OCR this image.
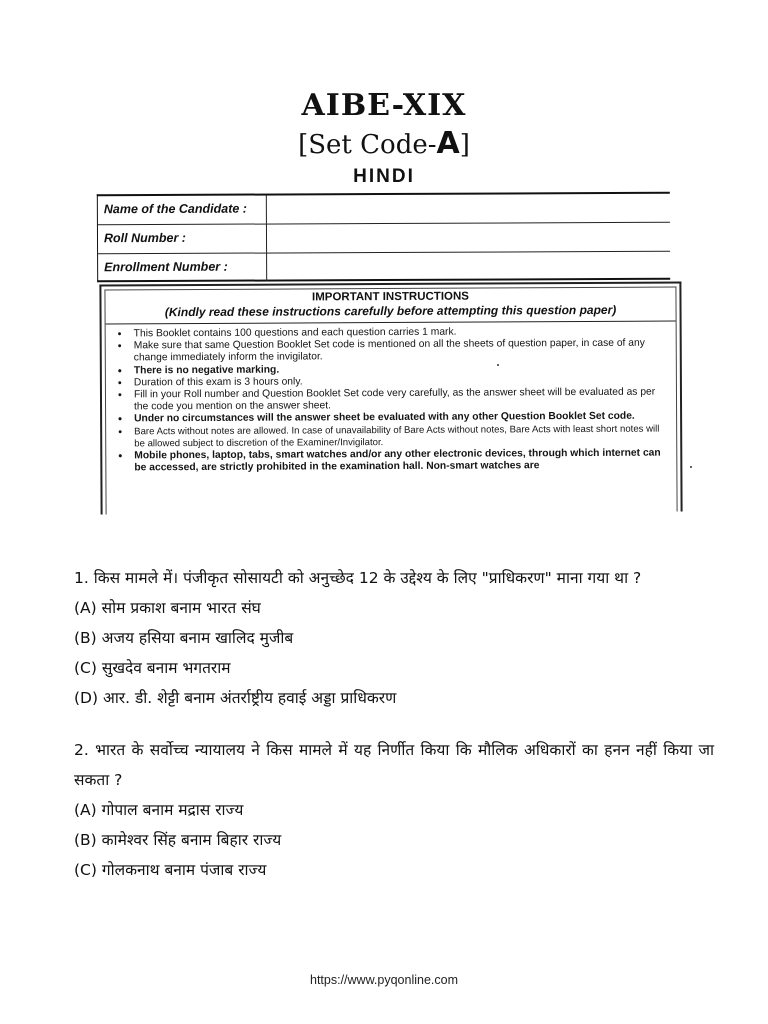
AIBE-XIX
[Set Code-A]
HINDI
Name of the Candidate :
Roll Number :
Enrollment Number :
IMPORTANT INSTRUCTIONS
(Kindly read these instructions carefully before attempting this question paper)
• This Booklet contains 100 questions and each question carries 1 mark.
• Make sure that same Question Booklet Set code is mentioned on all the sheets of question paper, in case of any change immediately inform the invigilator.
• There is no negative marking.
• Duration of this exam is 3 hours only.
• Fill in your Roll number and Question Booklet Set code very carefully, as the answer sheet will be evaluated as per the code you mention on the answer sheet.
• Under no circumstances will the answer sheet be evaluated with any other Question Booklet Set code.
• Bare Acts without notes are allowed. In case of unavailability of Bare Acts without notes, Bare Acts with least short notes will be allowed subject to discretion of the Examiner/Invigilator.
• Mobile phones, laptop, tabs, smart watches and/or any other electronic devices, through which internet can be accessed, are strictly prohibited in the examination hall. Non-smart watches are
1. किस मामले में। पंजीकृत सोसायटी को अनुच्छेद 12 के उद्देश्य के लिए "प्राधिकरण" माना गया था ?
(A) सोम प्रकाश बनाम भारत संघ
(B) अजय हसिया बनाम खालिद मुजीब
(C) सुखदेव बनाम भगतराम
(D) आर. डी. शेट्टी बनाम अंतर्राष्ट्रीय हवाई अड्डा प्राधिकरण
2. भारत के सर्वोच्च न्यायालय ने किस मामले में यह निर्णीत किया कि मौलिक अधिकारों का हनन नहीं किया जा सकता ?
(A) गोपाल बनाम मद्रास राज्य
(B) कामेश्वर सिंह बनाम बिहार राज्य
(C) गोलकनाथ बनाम पंजाब राज्य
https://www.pyqonline.com
